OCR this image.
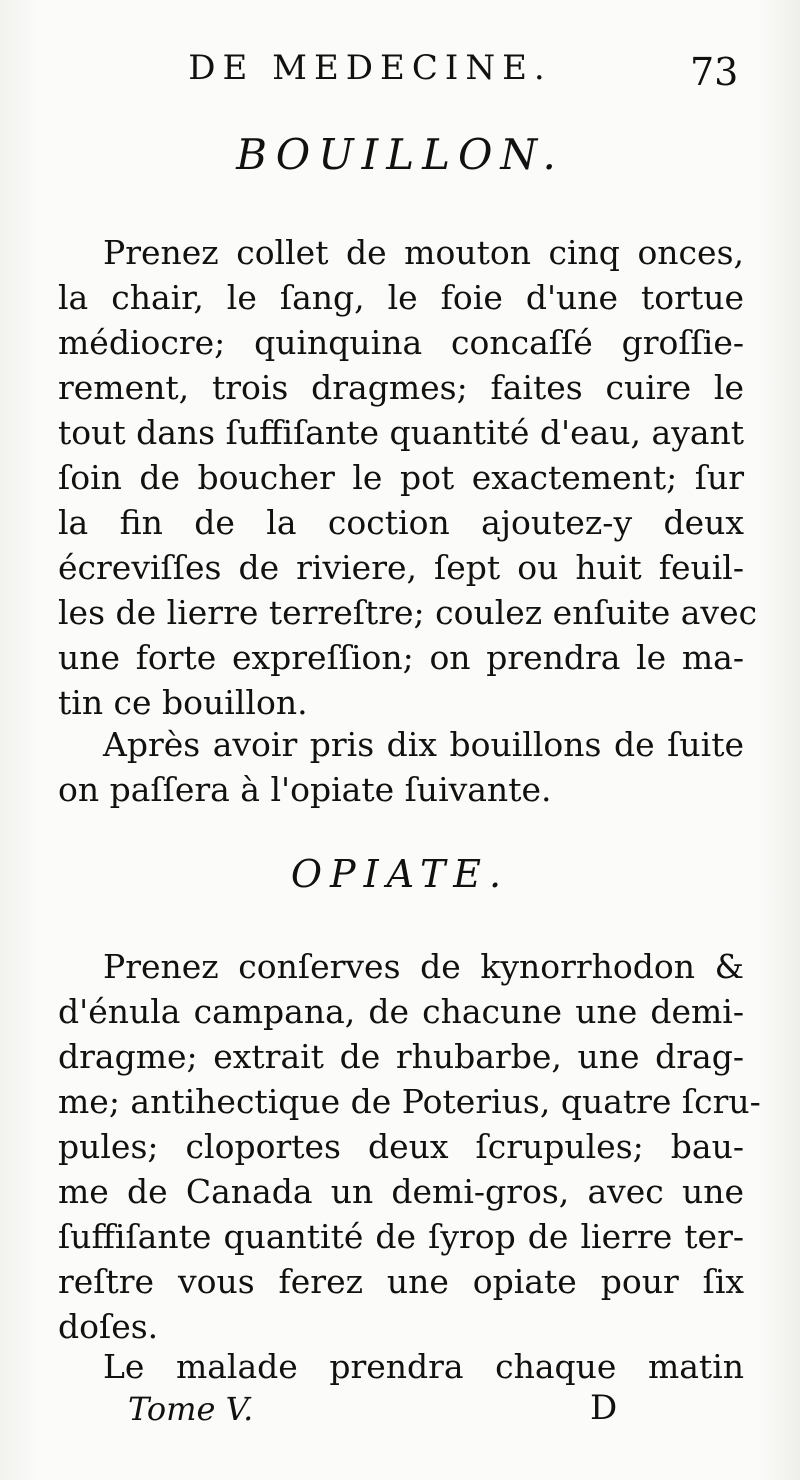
DE MEDECINE.	73
BOUILLON.

Prenez collet de mouton cinq onces,
la chair, le ſang, le foie d'une tortue
médiocre; quinquina concaſſé groſſie-
rement, trois dragmes; faites cuire le
tout dans ſuffiſante quantité d'eau, ayant
ſoin de boucher le pot exactement; ſur
la fin de la coction ajoutez-y deux
écreviſſes de riviere, ſept ou huit feuil-
les de lierre terreſtre; coulez enſuite avec
une forte expreſſion; on prendra le ma-
tin ce bouillon.

Après avoir pris dix bouillons de ſuite
on paſſera à l'opiate ſuivante.

OPIATE.

Prenez conſerves de kynorrhodon &
d'énula campana, de chacune une demi-
dragme; extrait de rhubarbe, une drag-
me; antihectique de Poterius, quatre ſcru-
pules; cloportes deux ſcrupules; bau-
me de Canada un demi-gros, avec une
ſuffiſante quantité de ſyrop de lierre ter-
reſtre vous ferez une opiate pour ſix
doſes.

Le malade prendra chaque matin

Tome V.	D
